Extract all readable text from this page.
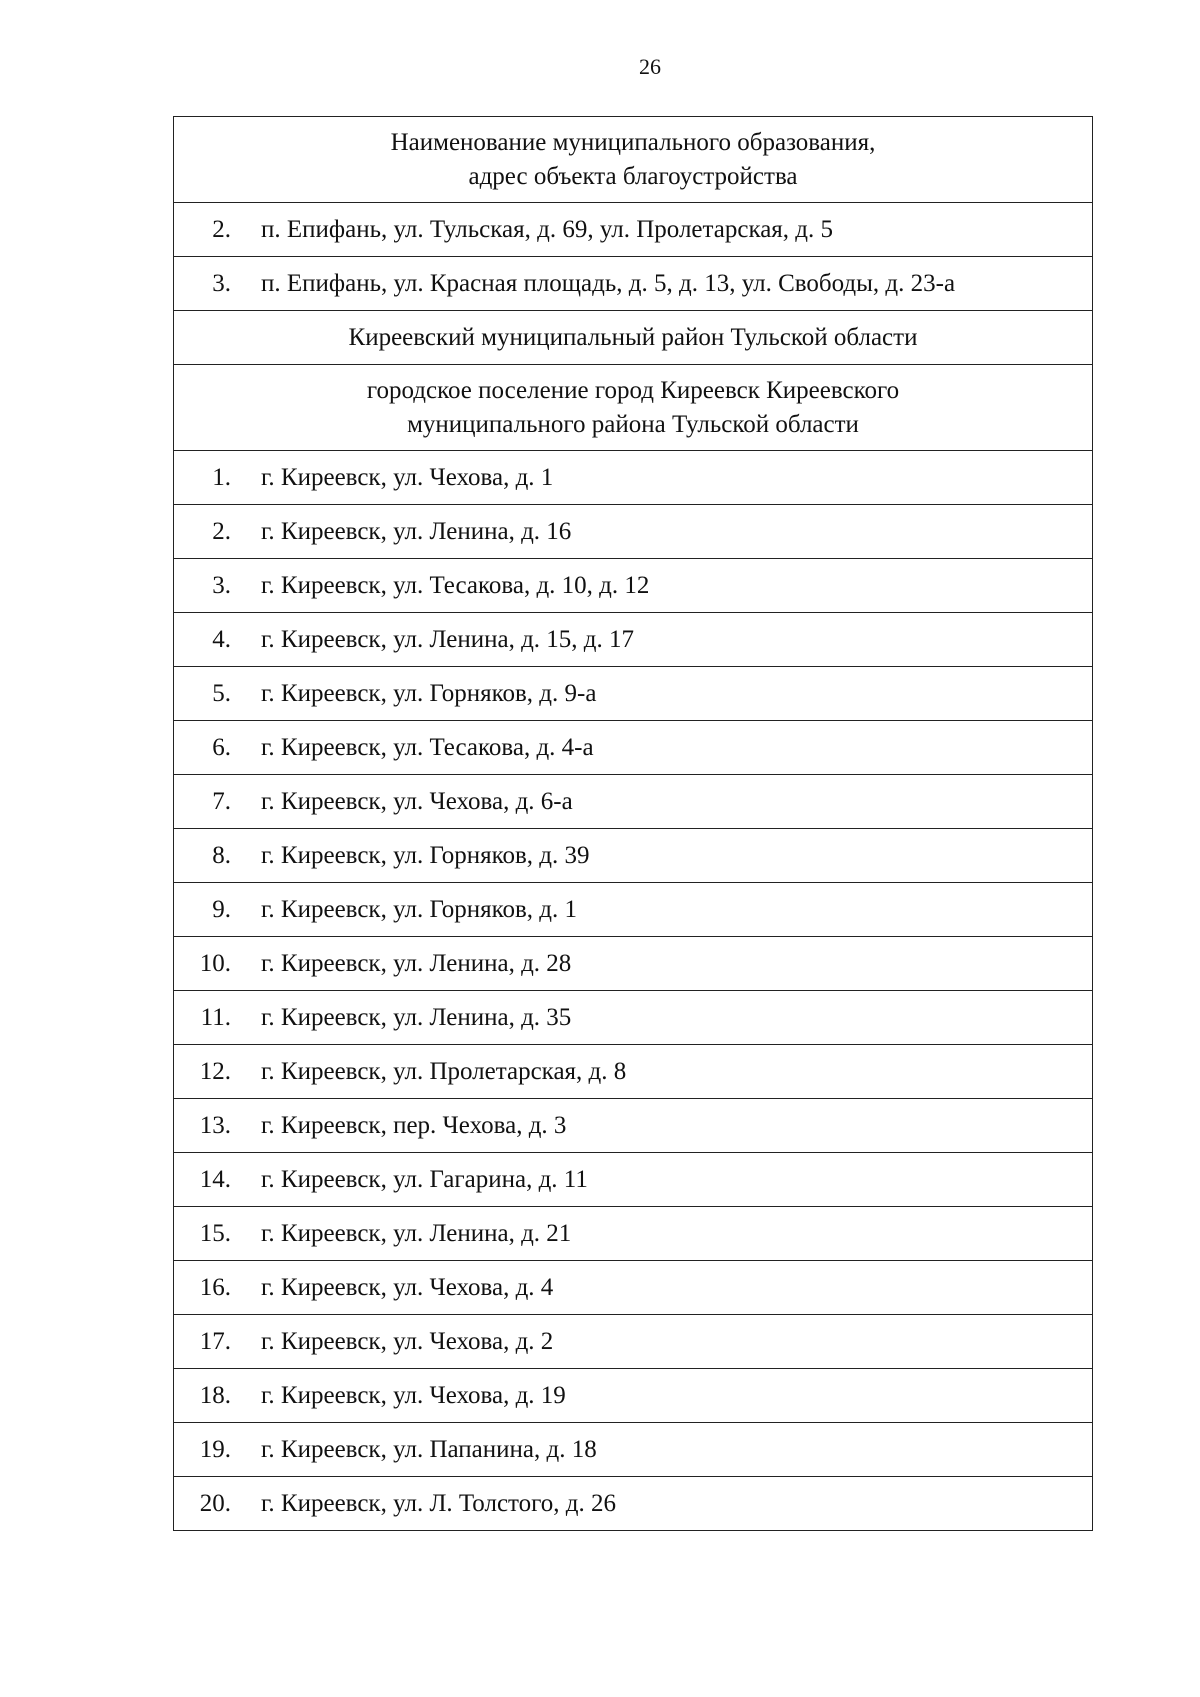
26
Наименование муниципального образования,
адрес объекта благоустройства

2. п. Епифань, ул. Тульская, д. 69, ул. Пролетарская, д. 5
3. п. Епифань, ул. Красная площадь, д. 5, д. 13, ул. Свободы, д. 23-а
Киреевский муниципальный район Тульской области

городское поселение город Киреевск Киреевского
муниципального района Тульской области

1. г. Киреевск, ул. Чехова, д. 1
2. г. Киреевск, ул. Ленина, д. 16
3. г. Киреевск, ул. Тесакова, д. 10, д. 12
4. г. Киреевск, ул. Ленина, д. 15, д. 17
5. г. Киреевск, ул. Горняков, д. 9-а
6. г. Киреевск, ул. Тесакова, д. 4-а
7. г. Киреевск, ул. Чехова, д. 6-а
8. г. Киреевск, ул. Горняков, д. 39
9. г. Киреевск, ул. Горняков, д. 1
10. г. Киреевск, ул. Ленина, д. 28
11. г. Киреевск, ул. Ленина, д. 35
12. г. Киреевск, ул. Пролетарская, д. 8
13. г. Киреевск, пер. Чехова, д. 3
14. г. Киреевск, ул. Гагарина, д. 11
15. г. Киреевск, ул. Ленина, д. 21
16. г. Киреевск, ул. Чехова, д. 4
17. г. Киреевск, ул. Чехова, д. 2
18. г. Киреевск, ул. Чехова, д. 19
19. г. Киреевск, ул. Папанина, д. 18
20. г. Киреевск, ул. Л. Толстого, д. 26
